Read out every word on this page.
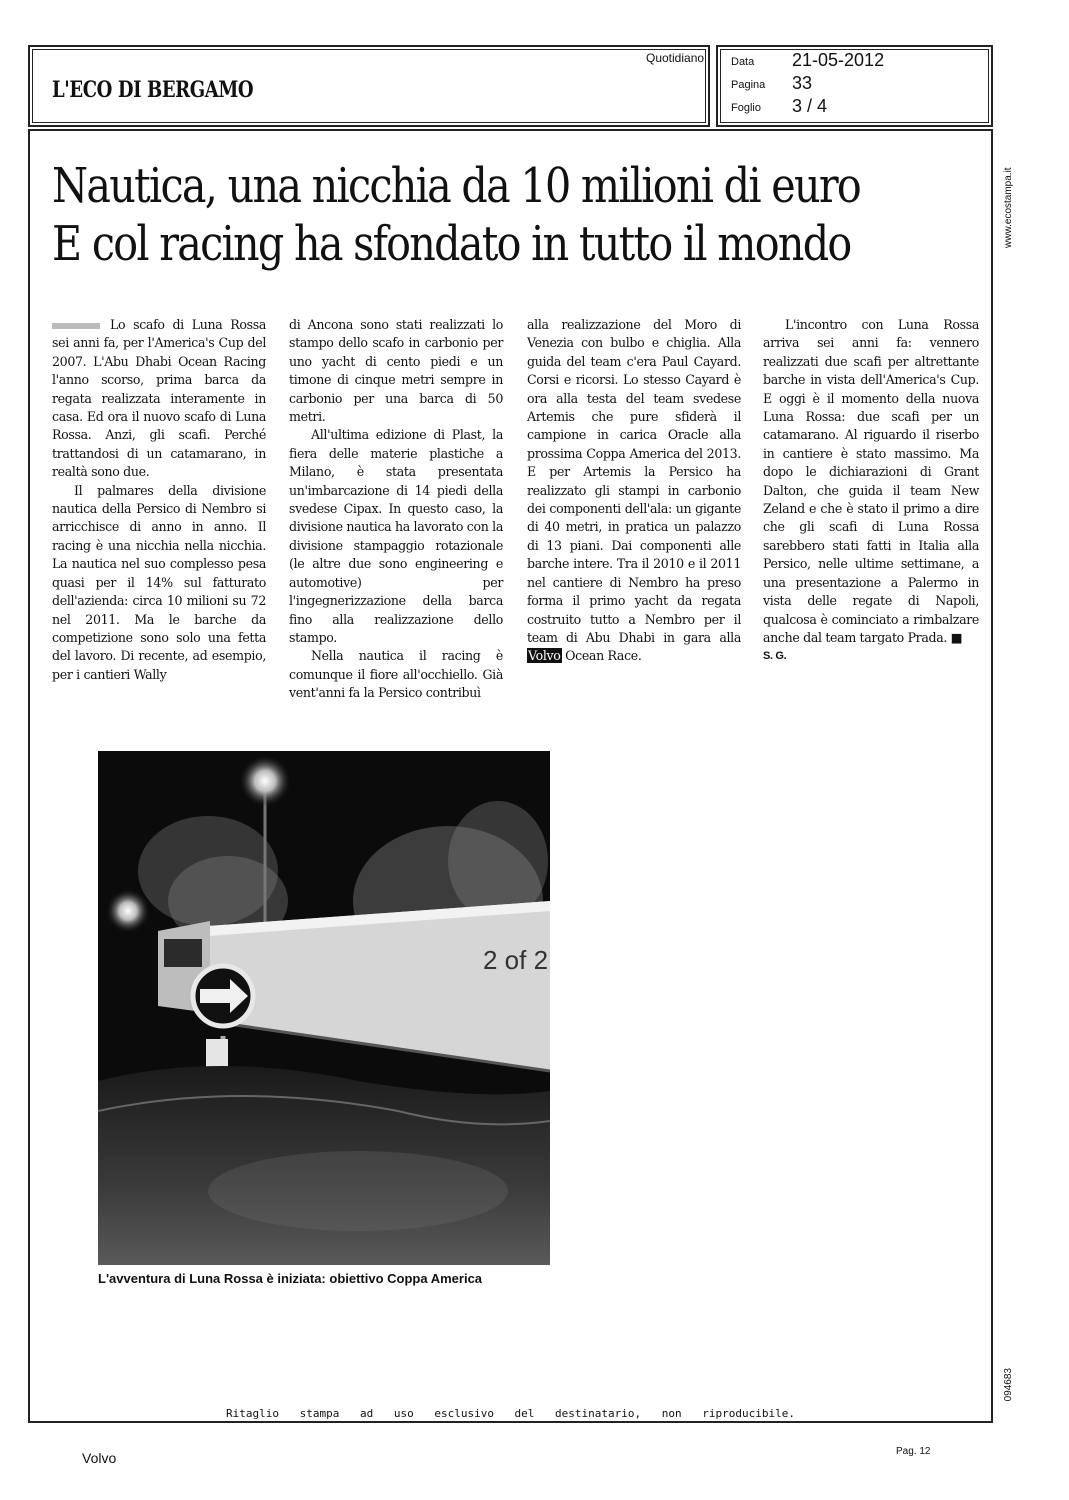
L'ECO DI BERGAMO
Quotidiano Data 21-05-2012
Pagina 33
Foglio 3 / 4
www.ecostampa.it
094683
Nautica, una nicchia da 10 milioni di euro
E col racing ha sfondato in tutto il mondo

Lo scafo di Luna Rossa sei anni fa, per l'America's Cup del 2007. L'Abu Dhabi Ocean Racing l'anno scorso, prima barca da regata realizzata interamente in casa. Ed ora il nuovo scafo di Luna Rossa. Anzi, gli scafi. Perché trattandosi di un catamarano, in realtà sono due.

Il palmares della divisione nautica della Persico di Nembro si arricchisce di anno in anno. Il racing è una nicchia nella nicchia. La nautica nel suo complesso pesa quasi per il 14% sul fatturato dell'azienda: circa 10 milioni su 72 nel 2011. Ma le barche da competizione sono solo una fetta del lavoro. Di recente, ad esempio, per i cantieri Wally

di Ancona sono stati realizzati lo stampo dello scafo in carbonio per uno yacht di cento piedi e un timone di cinque metri sempre in carbonio per una barca di 50 metri.

All'ultima edizione di Plast, la fiera delle materie plastiche a Milano, è stata presentata un'imbarcazione di 14 piedi della svedese Cipax. In questo caso, la divisione nautica ha lavorato con la divisione stampaggio rotazionale (le altre due sono engineering e automotive) per l'ingegnerizzazione della barca fino alla realizzazione dello stampo.

Nella nautica il racing è comunque il fiore all'occhiello. Già vent'anni fa la Persico contribuì

alla realizzazione del Moro di Venezia con bulbo e chiglia. Alla guida del team c'era Paul Cayard. Corsi e ricorsi. Lo stesso Cayard è ora alla testa del team svedese Artemis che pure sfiderà il campione in carica Oracle alla prossima Coppa America del 2013. E per Artemis la Persico ha realizzato gli stampi in carbonio dei componenti dell'ala: un gigante di 40 metri, in pratica un palazzo di 13 piani. Dai componenti alle barche intere. Tra il 2010 e il 2011 nel cantiere di Nembro ha preso forma il primo yacht da regata costruito tutto a Nembro per il team di Abu Dhabi in gara alla Volvo Ocean Race.

L'incontro con Luna Rossa arriva sei anni fa: vennero realizzati due scafi per altrettante barche in vista dell'America's Cup. E oggi è il momento della nuova Luna Rossa: due scafi per un catamarano. Al riguardo il riserbo in cantiere è stato massimo. Ma dopo le dichiarazioni di Grant Dalton, che guida il team New Zeland e che è stato il primo a dire che gli scafi di Luna Rossa sarebbero stati fatti in Italia alla Persico, nelle ultime settimane, a una presentazione a Palermo in vista delle regate di Napoli, qualcosa è cominciato a rimbalzare anche dal team targato Prada. ■

S. G.
2 of 2
L'avventura di Luna Rossa è iniziata: obiettivo Coppa America
Ritaglio stampa ad uso esclusivo del destinatario, non riproducibile.
Volvo	Pag. 12
